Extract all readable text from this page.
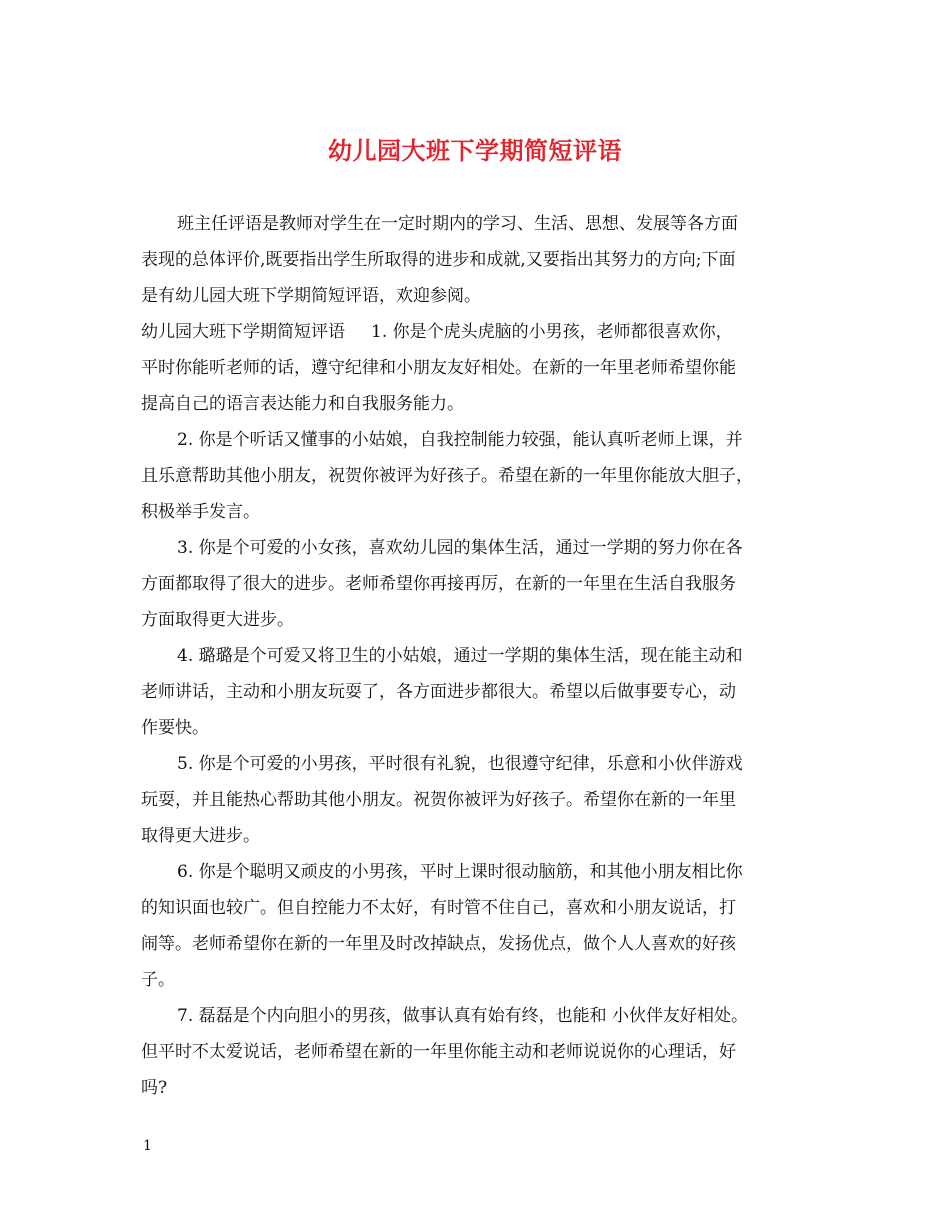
幼儿园大班下学期简短评语
班主任评语是教师对学生在一定时期内的学习、生活、思想、发展等各方面
表现的总体评价,既要指出学生所取得的进步和成就,又要指出其努力的方向;下面
是有幼儿园大班下学期简短评语，欢迎参阅。
幼儿园大班下学期简短评语 1. 你是个虎头虎脑的小男孩，老师都很喜欢你，
平时你能听老师的话，遵守纪律和小朋友友好相处。在新的一年里老师希望你能
提高自己的语言表达能力和自我服务能力。
2. 你是个听话又懂事的小姑娘，自我控制能力较强，能认真听老师上课，并
且乐意帮助其他小朋友，祝贺你被评为好孩子。希望在新的一年里你能放大胆子，
积极举手发言。
3. 你是个可爱的小女孩，喜欢幼儿园的集体生活，通过一学期的努力你在各
方面都取得了很大的进步。老师希望你再接再厉，在新的一年里在生活自我服务
方面取得更大进步。
4. 璐璐是个可爱又将卫生的小姑娘，通过一学期的集体生活，现在能主动和
老师讲话，主动和小朋友玩耍了，各方面进步都很大。希望以后做事要专心，动
作要快。
5. 你是个可爱的小男孩，平时很有礼貌，也很遵守纪律，乐意和小伙伴游戏
玩耍，并且能热心帮助其他小朋友。祝贺你被评为好孩子。希望你在新的一年里
取得更大进步。
6. 你是个聪明又顽皮的小男孩，平时上课时很动脑筋，和其他小朋友相比你
的知识面也较广。但自控能力不太好，有时管不住自己，喜欢和小朋友说话，打
闹等。老师希望你在新的一年里及时改掉缺点，发扬优点，做个人人喜欢的好孩
子。
7. 磊磊是个内向胆小的男孩，做事认真有始有终，也能和 小伙伴友好相处。
但平时不太爱说话，老师希望在新的一年里你能主动和老师说说你的心理话，好
吗?
1
